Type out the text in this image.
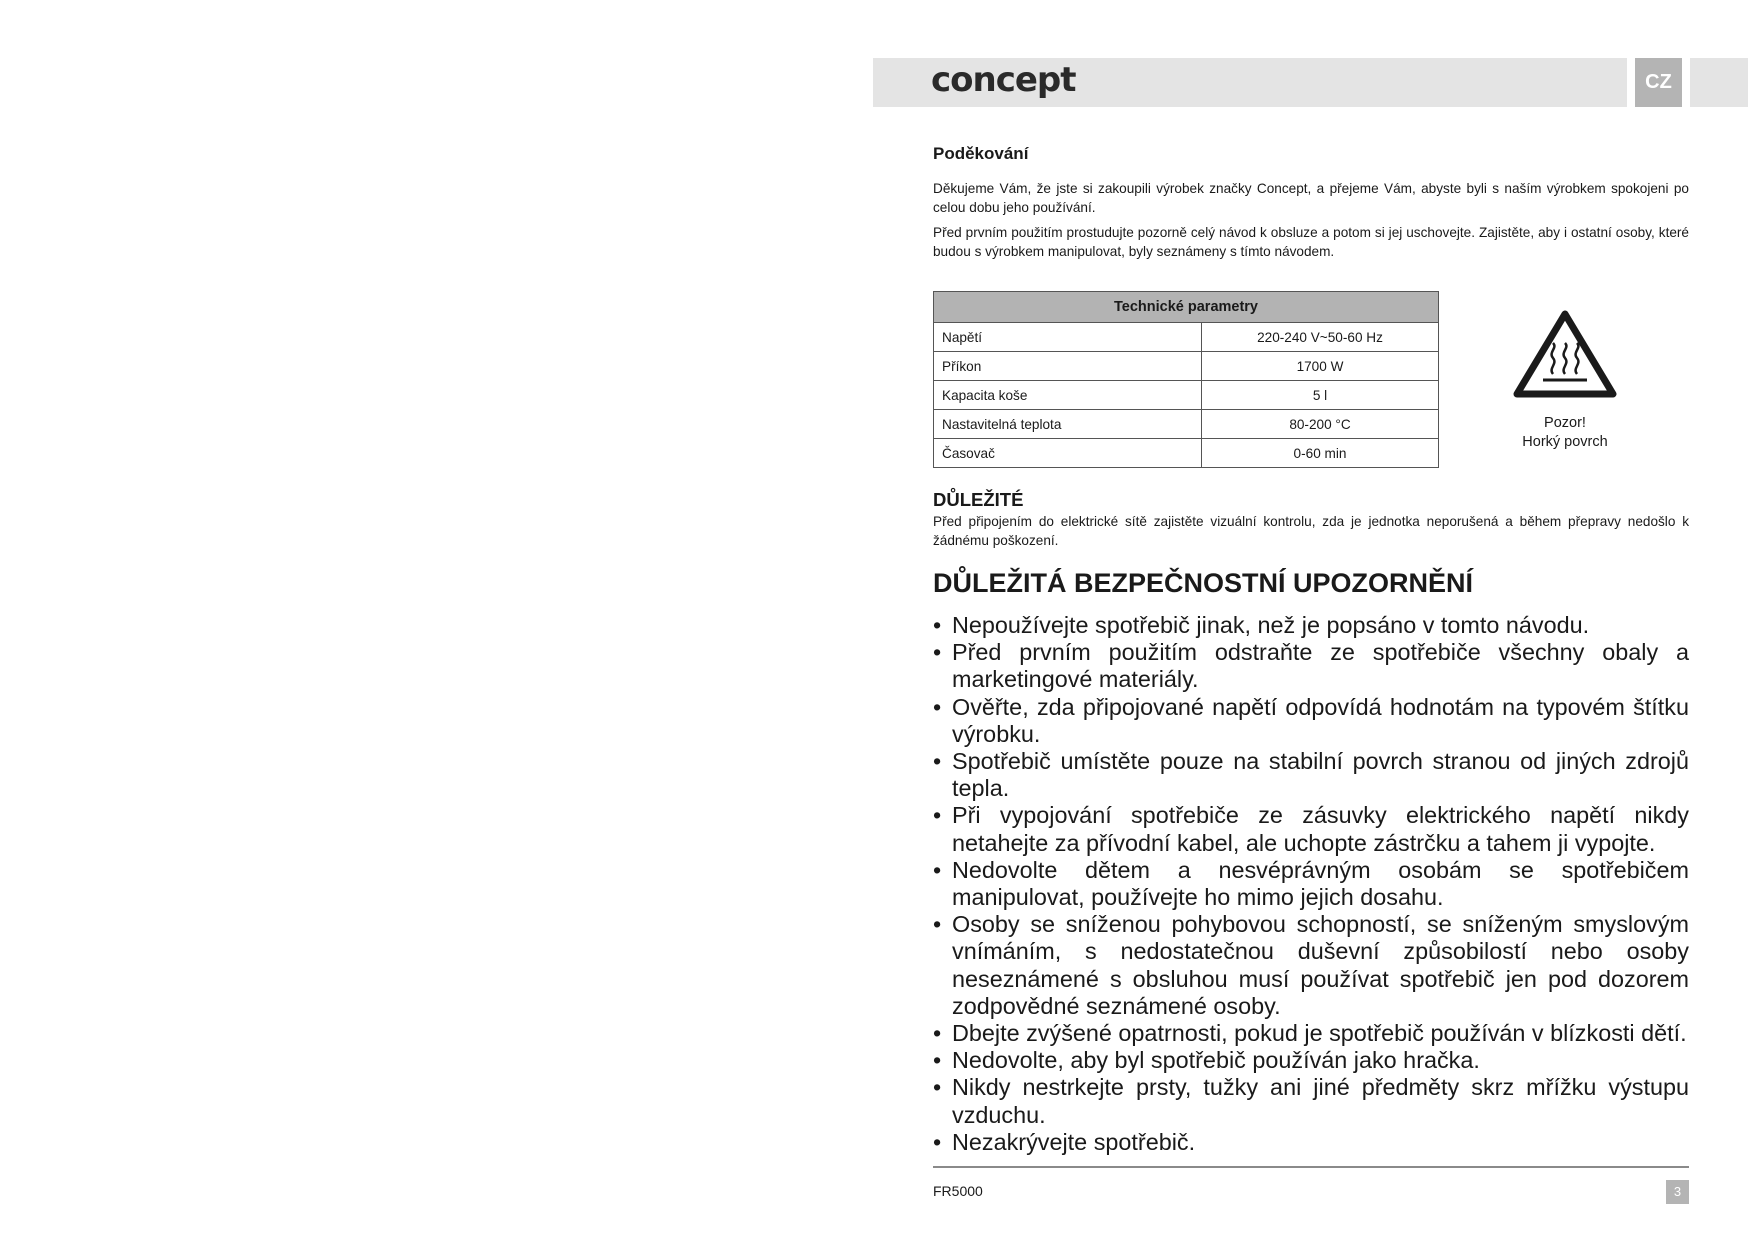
concept	CZ
Poděkování
Děkujeme Vám, že jste si zakoupili výrobek značky Concept, a přejeme Vám, abyste byli s naším výrobkem spokojeni po celou dobu jeho používání.
Před prvním použitím prostudujte pozorně celý návod k obsluze a potom si jej uschovejte. Zajistěte, aby i ostatní osoby, které budou s výrobkem manipulovat, byly seznámeny s tímto návodem.
Technické parametry	
Napětí	220-240 V~50-60 Hz
Příkon	1700 W
Kapacita koše	5 l
Nastavitelná teplota	80-200 °C
Časovač	0-60 min
Pozor!
Horký povrch
DŮLEŽITÉ
Před připojením do elektrické sítě zajistěte vizuální kontrolu, zda je jednotka neporušená a během přepravy nedošlo k žádnému poškození.
DŮLEŽITÁ BEZPEČNOSTNÍ UPOZORNĚNÍ
• Nepoužívejte spotřebič jinak, než je popsáno v tomto návodu.
• Před prvním použitím odstraňte ze spotřebiče všechny obaly a marketingové materiály.
• Ověřte, zda připojované napětí odpovídá hodnotám na typovém štítku výrobku.
• Spotřebič umístěte pouze na stabilní povrch stranou od jiných zdrojů tepla.
• Při vypojování spotřebiče ze zásuvky elektrického napětí nikdy netahejte za přívodní kabel, ale uchopte zástrčku a tahem ji vypojte.
• Nedovolte dětem a nesvéprávným osobám se spotřebičem manipulovat, používejte ho mimo jejich dosahu.
• Osoby se sníženou pohybovou schopností, se sníženým smyslovým vnímáním, s nedostatečnou duševní způsobilostí nebo osoby neseznámené s obsluhou musí používat spotřebič jen pod dozorem zodpovědné seznámené osoby.
• Dbejte zvýšené opatrnosti, pokud je spotřebič používán v blízkosti dětí.
• Nedovolte, aby byl spotřebič používán jako hračka.
• Nikdy nestrkejte prsty, tužky ani jiné předměty skrz mřížku výstupu vzduchu.
• Nezakrývejte spotřebič.
FR5000	3
